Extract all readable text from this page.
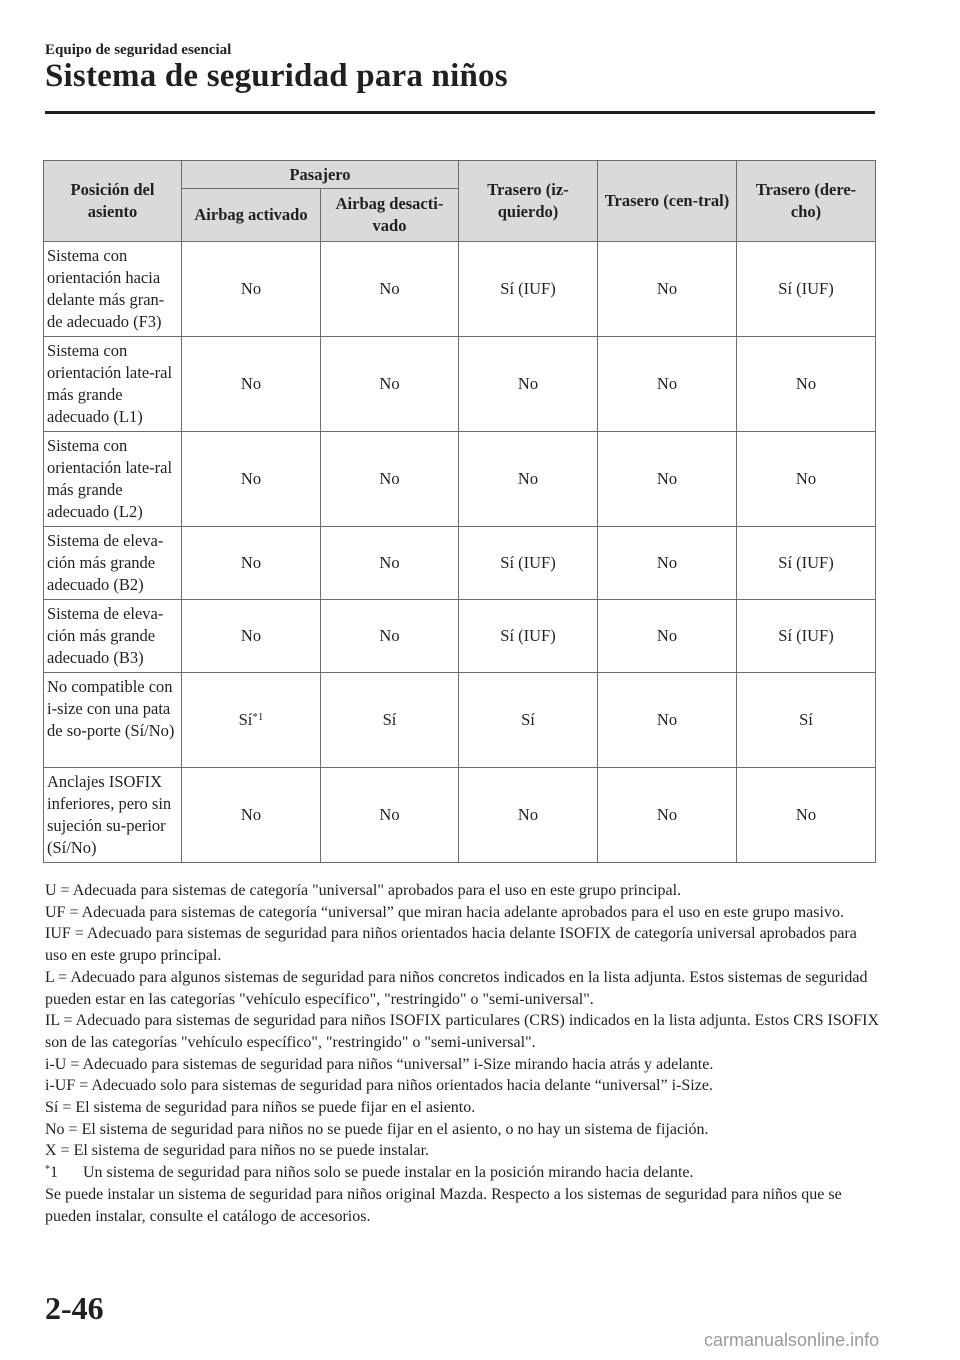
Equipo de seguridad esencial
Sistema de seguridad para niños
Posición del asiento	Pasajero		Trasero (iz-quierdo)	Trasero (cen-tral)	Trasero (dere-cho)
	Airbag activado	Airbag desacti-vado			
Sistema con orientación hacia delante más gran-de adecuado (F3)	No	No	Sí (IUF)	No	Sí (IUF)
Sistema con orientación late-ral más grande adecuado (L1)	No	No	No	No	No
Sistema con orientación late-ral más grande adecuado (L2)	No	No	No	No	No
Sistema de eleva-ción más grande adecuado (B2)	No	No	Sí (IUF)	No	Sí (IUF)
Sistema de eleva-ción más grande adecuado (B3)	No	No	Sí (IUF)	No	Sí (IUF)
No compatible con i-size con una pata de so-porte (Sí/No)	$Sí^{*1}$	Sí	Sí	No	Sí
Anclajes ISOFIX inferiores, pero sin sujeción su-perior (Sí/No)	No	No	No	No	No

U = Adecuada para sistemas de categoría "universal" aprobados para el uso en este grupo principal.

UF = Adecuada para sistemas de categoría “universal” que miran hacia adelante aprobados para el uso en este grupo masivo.

IUF = Adecuado para sistemas de seguridad para niños orientados hacia delante ISOFIX de categoría universal aprobados para uso en este grupo principal.

L = Adecuado para algunos sistemas de seguridad para niños concretos indicados en la lista adjunta. Estos sistemas de seguridad pueden estar en las categorías "vehículo específico", "restringido" o "semi-universal".

IL = Adecuado para sistemas de seguridad para niños ISOFIX particulares (CRS) indicados en la lista adjunta. Estos CRS ISOFIX son de las categorías "vehículo específico", "restringido" o "semi-universal".

i-U = Adecuado para sistemas de seguridad para niños “universal” i-Size mirando hacia atrás y adelante.

i-UF = Adecuado solo para sistemas de seguridad para niños orientados hacia delante “universal” i-Size.

Sí = El sistema de seguridad para niños se puede fijar en el asiento.

No = El sistema de seguridad para niños no se puede fijar en el asiento, o no hay un sistema de fijación.

X = El sistema de seguridad para niños no se puede instalar.

*1	Un sistema de seguridad para niños solo se puede instalar en la posición mirando hacia delante.

Se puede instalar un sistema de seguridad para niños original Mazda. Respecto a los sistemas de seguridad para niños que se pueden instalar, consulte el catálogo de accesorios.

2-46
carmanualsonline.info
